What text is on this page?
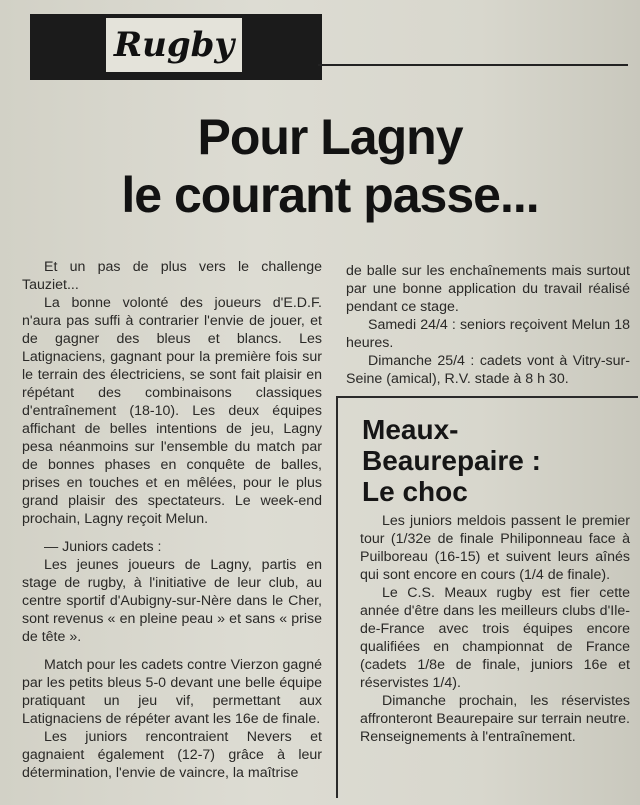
Rugby
Pour Lagny
le courant passe...

Et un pas de plus vers le challenge Tauziet...

La bonne volonté des joueurs d'E.D.F. n'aura pas suffi à contrarier l'envie de jouer, et de gagner des bleus et blancs. Les Latignaciens, gagnant pour la première fois sur le terrain des électriciens, se sont fait plaisir en répétant des combinaisons classiques d'entraînement (18-10). Les deux équipes affichant de belles intentions de jeu, Lagny pesa néanmoins sur l'ensemble du match par de bonnes phases en conquête de balles, prises en touches et en mêlées, pour le plus grand plaisir des spectateurs. Le week-end prochain, Lagny reçoit Melun.

— Juniors cadets :

Les jeunes joueurs de Lagny, partis en stage de rugby, à l'initiative de leur club, au centre sportif d'Aubigny-sur-Nère dans le Cher, sont revenus « en pleine peau » et sans « prise de tête ».

Match pour les cadets contre Vierzon gagné par les petits bleus 5-0 devant une belle équipe pratiquant un jeu vif, permettant aux Latignaciens de répéter avant les 16e de finale.

Les juniors rencontraient Nevers et gagnaient également (12-7) grâce à leur détermination, l'envie de vaincre, la maîtrise

de balle sur les enchaînements mais surtout par une bonne application du travail réalisé pendant ce stage.

Samedi 24/4 : seniors reçoivent Melun 18 heures.

Dimanche 25/4 : cadets vont à Vitry-sur-Seine (amical), R.V. stade à 8 h 30.

Meaux-
Beaurepaire :
Le choc

Les juniors meldois passent le premier tour (1/32e de finale Philiponneau face à Puilboreau (16-15) et suivent leurs aînés qui sont encore en cours (1/4 de finale).

Le C.S. Meaux rugby est fier cette année d'être dans les meilleurs clubs d'Ile-de-France avec trois équipes encore qualifiées en championnat de France (cadets 1/8e de finale, juniors 16e et réservistes 1/4).

Dimanche prochain, les réservistes affronteront Beaurepaire sur terrain neutre. Renseignements à l'entraînement.
